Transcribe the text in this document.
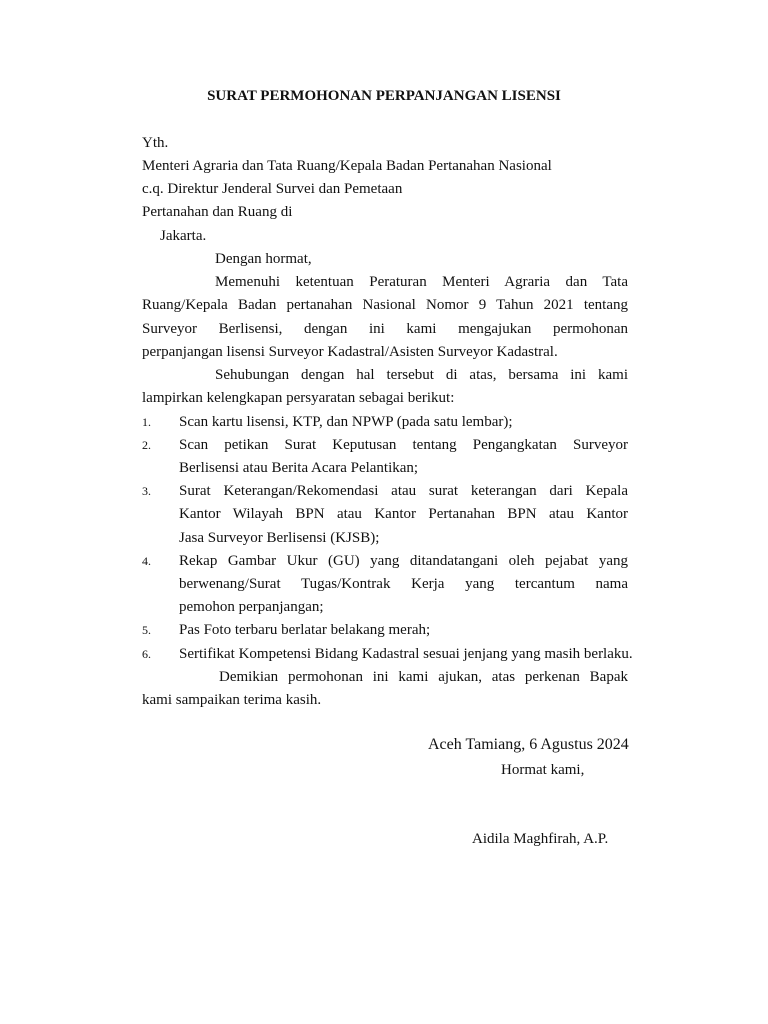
SURAT PERMOHONAN PERPANJANGAN LISENSI
Yth.
Menteri Agraria dan Tata Ruang/Kepala Badan Pertanahan Nasional
c.q. Direktur Jenderal Survei dan Pemetaan
Pertanahan dan Ruang di
Jakarta.
Dengan hormat,
Memenuhi ketentuan Peraturan Menteri Agraria dan Tata
Ruang/Kepala Badan pertanahan Nasional Nomor 9 Tahun 2021 tentang
Surveyor Berlisensi, dengan ini kami mengajukan permohonan
perpanjangan lisensi Surveyor Kadastral/Asisten Surveyor Kadastral.
Sehubungan dengan hal tersebut di atas, bersama ini kami
lampirkan kelengkapan persyaratan sebagai berikut:
1. Scan kartu lisensi, KTP, dan NPWP (pada satu lembar);
2. Scan petikan Surat Keputusan tentang Pengangkatan Surveyor
Berlisensi atau Berita Acara Pelantikan;
3. Surat Keterangan/Rekomendasi atau surat keterangan dari Kepala
Kantor Wilayah BPN atau Kantor Pertanahan BPN atau Kantor
Jasa Surveyor Berlisensi (KJSB);
4. Rekap Gambar Ukur (GU) yang ditandatangani oleh pejabat yang
berwenang/Surat Tugas/Kontrak Kerja yang tercantum nama
pemohon perpanjangan;
5. Pas Foto terbaru berlatar belakang merah;
6. Sertifikat Kompetensi Bidang Kadastral sesuai jenjang yang masih berlaku.
Demikian permohonan ini kami ajukan, atas perkenan Bapak
kami sampaikan terima kasih.
Aceh Tamiang, 6 Agustus 2024
Hormat kami,
Aidila Maghfirah, A.P.
